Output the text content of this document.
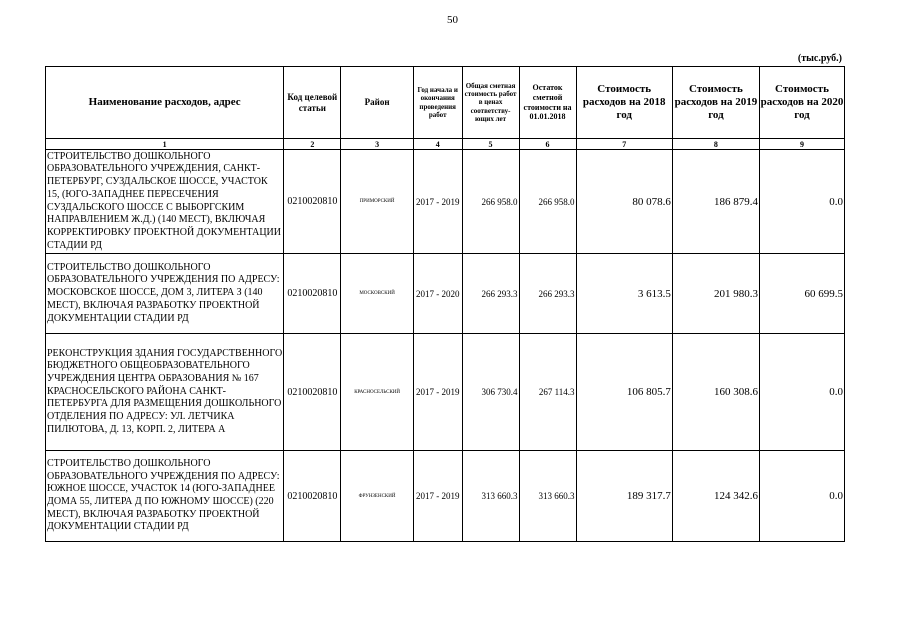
50
(тыс.руб.)
Наименование расходов, адрес	Код целевой статьи	Район	Год начала и окончания проведения работ	Общая сметная стоимость работ в ценах соответству-ющих лет	Остаток сметной стоимости на 01.01.2018	Стоимость расходов на 2018 год	Стоимость расходов на 2019 год	Стоимость расходов на 2020 год
1	2	3	4	5	6	7	8	9
СТРОИТЕЛЬСТВО ДОШКОЛЬНОГО ОБРАЗОВАТЕЛЬНОГО УЧРЕЖДЕНИЯ, САНКТ-ПЕТЕРБУРГ, СУЗДАЛЬСКОЕ ШОССЕ, УЧАСТОК 15, (ЮГО-ЗАПАДНЕЕ ПЕРЕСЕЧЕНИЯ СУЗДАЛЬСКОГО ШОССЕ С ВЫБОРГСКИМ НАПРАВЛЕНИЕМ Ж.Д.) (140 МЕСТ), ВКЛЮЧАЯ КОРРЕКТИРОВКУ ПРОЕКТНОЙ ДОКУМЕНТАЦИИ СТАДИИ РД	0210020810	ПРИМОРСКИЙ	2017 - 2019	266 958.0	266 958.0	80 078.6	186 879.4	0.0
СТРОИТЕЛЬСТВО ДОШКОЛЬНОГО ОБРАЗОВАТЕЛЬНОГО УЧРЕЖДЕНИЯ ПО АДРЕСУ: МОСКОВСКОЕ ШОССЕ, ДОМ 3, ЛИТЕРА З (140 МЕСТ), ВКЛЮЧАЯ РАЗРАБОТКУ ПРОЕКТНОЙ ДОКУМЕНТАЦИИ СТАДИИ РД	0210020810	МОСКОВСКИЙ	2017 - 2020	266 293.3	266 293.3	3 613.5	201 980.3	60 699.5
РЕКОНСТРУКЦИЯ ЗДАНИЯ ГОСУДАРСТВЕННОГО БЮДЖЕТНОГО ОБЩЕОБРАЗОВАТЕЛЬНОГО УЧРЕЖДЕНИЯ ЦЕНТРА ОБРАЗОВАНИЯ № 167 КРАСНОСЕЛЬСКОГО РАЙОНА САНКТ-ПЕТЕРБУРГА ДЛЯ РАЗМЕЩЕНИЯ ДОШКОЛЬНОГО ОТДЕЛЕНИЯ ПО АДРЕСУ: УЛ. ЛЕТЧИКА ПИЛЮТОВА, Д. 13, КОРП. 2, ЛИТЕРА А	0210020810	КРАСНОСЕЛЬСКИЙ	2017 - 2019	306 730.4	267 114.3	106 805.7	160 308.6	0.0
СТРОИТЕЛЬСТВО ДОШКОЛЬНОГО ОБРАЗОВАТЕЛЬНОГО УЧРЕЖДЕНИЯ ПО АДРЕСУ: ЮЖНОЕ ШОССЕ, УЧАСТОК 14 (ЮГО-ЗАПАДНЕЕ ДОМА 55, ЛИТЕРА Д ПО ЮЖНОМУ ШОССЕ) (220 МЕСТ), ВКЛЮЧАЯ РАЗРАБОТКУ ПРОЕКТНОЙ ДОКУМЕНТАЦИИ СТАДИИ РД	0210020810	ФРУНЗЕНСКИЙ	2017 - 2019	313 660.3	313 660.3	189 317.7	124 342.6	0.0
